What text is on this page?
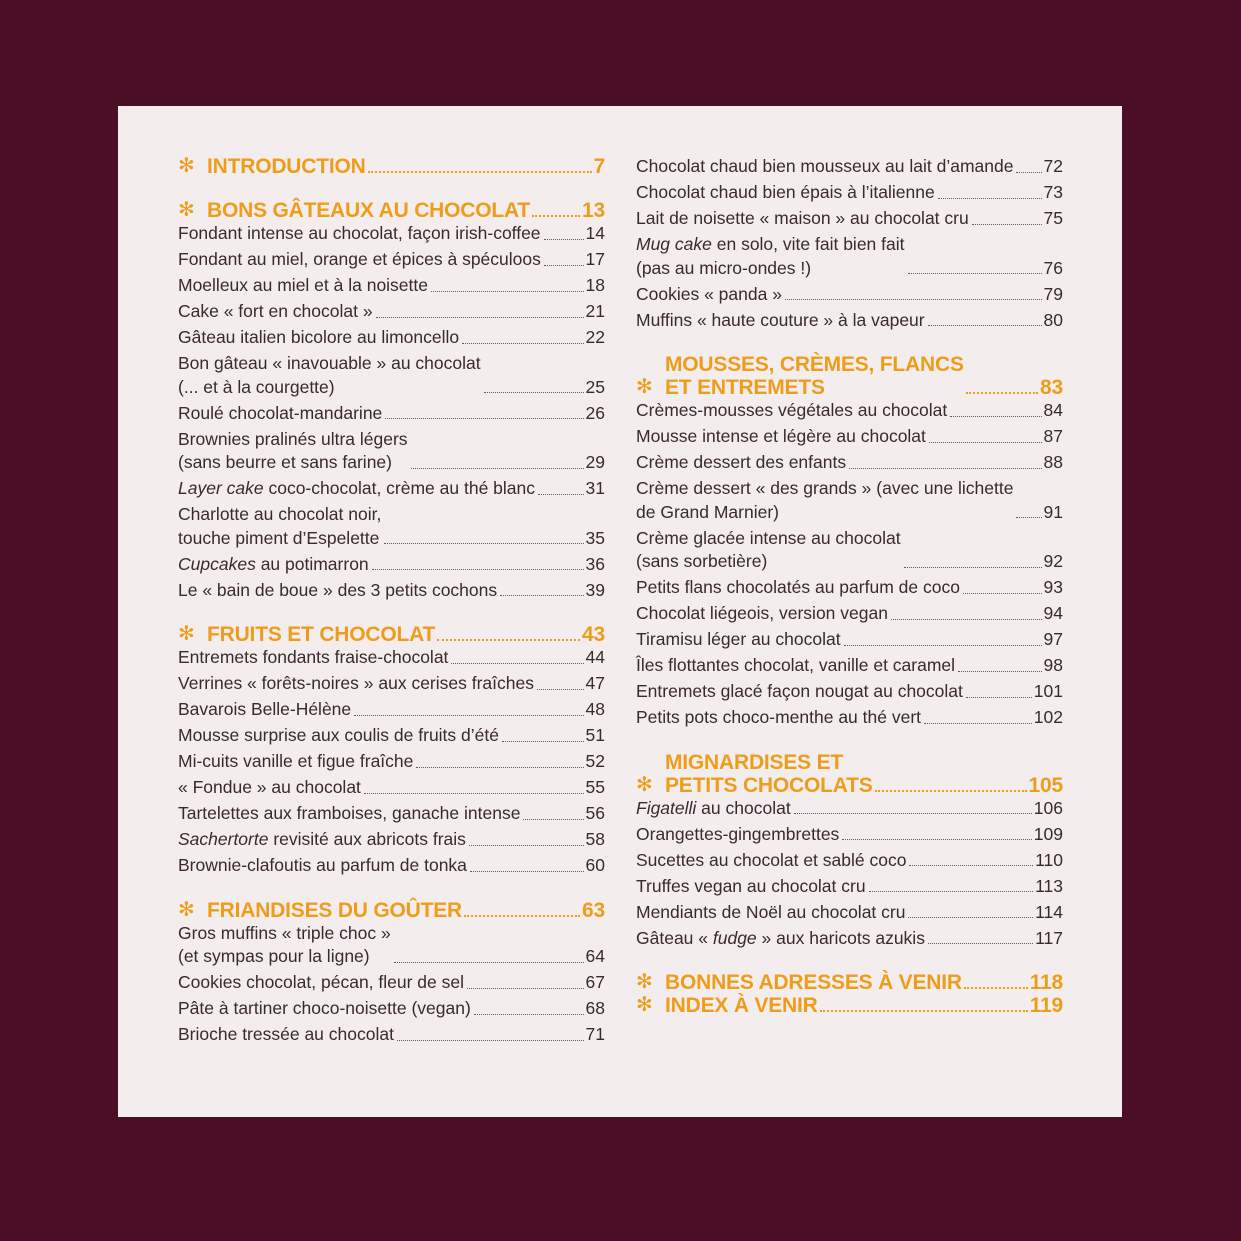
✻ INTRODUCTION	7
✻ BONS GÂTEAUX AU CHOCOLAT 13
Fondant intense au chocolat, façon irish-coffee	14
Fondant au miel, orange et épices à spéculoos	17
Moelleux au miel et à la noisette	18
Cake « fort en chocolat »	21
Gâteau italien bicolore au limoncello	22
Bon gâteau « inavouable » au chocolat
(... et à la courgette)	25
Roulé chocolat-mandarine	26
Brownies pralinés ultra légers
(sans beurre et sans farine)	29
Layer cake coco-chocolat, crème au thé blanc	31
Charlotte au chocolat noir,
touche piment d’Espelette	35
Cupcakes au potimarron	36
Le « bain de boue » des 3 petits cochons	39
✻ FRUITS ET CHOCOLAT	43
Entremets fondants fraise-chocolat	44
Verrines « forêts-noires » aux cerises fraîches	47
Bavarois Belle-Hélène	48
Mousse surprise aux coulis de fruits d’été	51
Mi-cuits vanille et figue fraîche	52
« Fondue » au chocolat	55
Tartelettes aux framboises, ganache intense	56
Sachertorte revisité aux abricots frais	58
Brownie-clafoutis au parfum de tonka	60
✻ FRIANDISES DU GOÛTER	63
Gros muffins « triple choc »
(et sympas pour la ligne)	64
Cookies chocolat, pécan, fleur de sel	67
Pâte à tartiner choco-noisette (vegan)	68
Brioche tressée au chocolat	71
Chocolat chaud bien mousseux au lait d’amande 72
Chocolat chaud bien épais à l’italienne	73
Lait de noisette « maison » au chocolat cru	75
Mug cake en solo, vite fait bien fait
(pas au micro-ondes !)	76
Cookies « panda »	79
Muffins « haute couture » à la vapeur	80
✻
MOUSSES, CRÈMES, FLANCS
ET ENTREMETS	83
Crèmes-mousses végétales au chocolat	84
Mousse intense et légère au chocolat	87
Crème dessert des enfants	88
Crème dessert « des grands » (avec une lichette
de Grand Marnier)	91
Crème glacée intense au chocolat
(sans sorbetière)	92
Petits flans chocolatés au parfum de coco	93
Chocolat liégeois, version vegan	94
Tiramisu léger au chocolat	97
Îles flottantes chocolat, vanille et caramel	98
Entremets glacé façon nougat au chocolat	101
Petits pots choco-menthe au thé vert	102
✻
MIGNARDISES ET
PETITS CHOCOLATS	105
Figatelli au chocolat	106
Orangettes-gingembrettes	109
Sucettes au chocolat et sablé coco	110
Truffes vegan au chocolat cru	113
Mendiants de Noël au chocolat cru	114
Gâteau « fudge » aux haricots azukis	117
✻ BONNES ADRESSES À VENIR	118
✻ INDEX À VENIR	119
